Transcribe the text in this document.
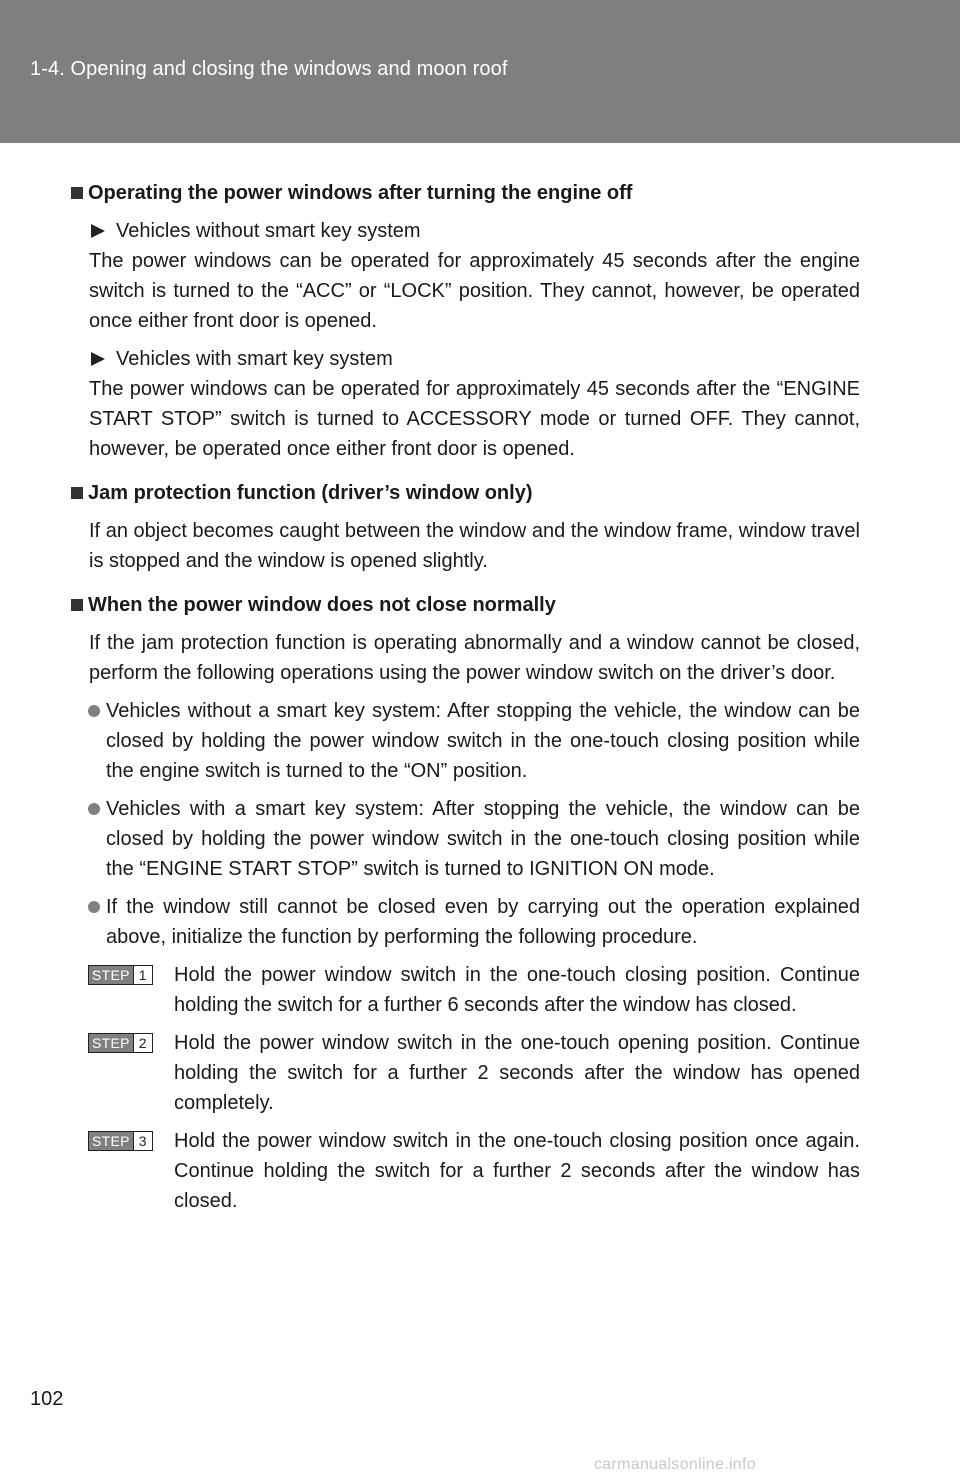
1-4. Opening and closing the windows and moon roof
Operating the power windows after turning the engine off
Vehicles without smart key system

The power windows can be operated for approximately 45 seconds after the engine switch is turned to the “ACC” or “LOCK” position. They cannot, however, be operated once either front door is opened.

Vehicles with smart key system

The power windows can be operated for approximately 45 seconds after the “ENGINE START STOP” switch is turned to ACCESSORY mode or turned OFF. They cannot, however, be operated once either front door is opened.

Jam protection function (driver’s window only)

If an object becomes caught between the window and the window frame, window travel is stopped and the window is opened slightly.

When the power window does not close normally

If the jam protection function is operating abnormally and a window cannot be closed, perform the following operations using the power window switch on the driver’s door.

Vehicles without a smart key system: After stopping the vehicle, the window can be closed by holding the power window switch in the one-touch closing position while the engine switch is turned to the “ON” position.

Vehicles with a smart key system: After stopping the vehicle, the window can be closed by holding the power window switch in the one-touch closing position while the “ENGINE START STOP” switch is turned to IGNITION ON mode.

If the window still cannot be closed even by carrying out the operation explained above, initialize the function by performing the following procedure.

STEP 1 Hold the power window switch in the one-touch closing position. Continue holding the switch for a further 6 seconds after the window has closed.

STEP 2 Hold the power window switch in the one-touch opening position. Continue holding the switch for a further 2 seconds after the window has opened completely.

STEP 3 Hold the power window switch in the one-touch closing position once again. Continue holding the switch for a further 2 seconds after the window has closed.

102
carmanualsonline.info
